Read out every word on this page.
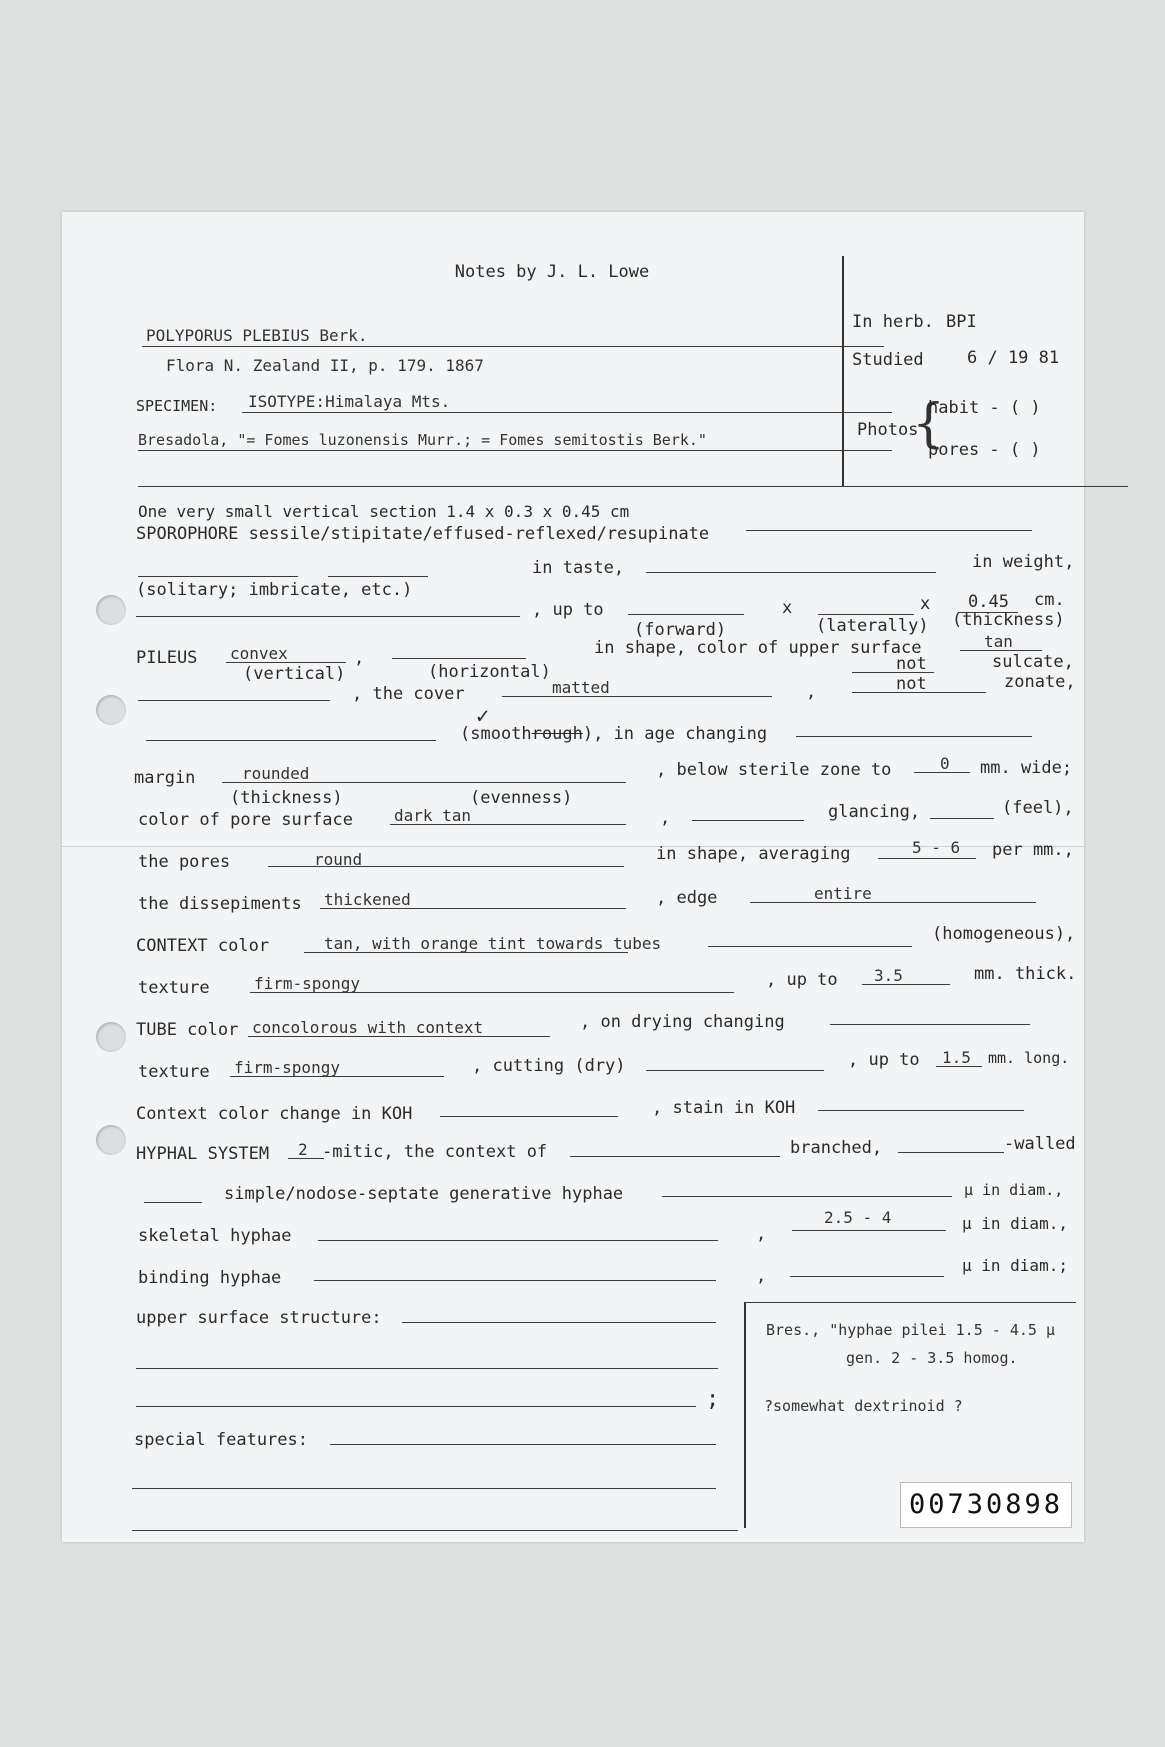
Notes by J. L. Lowe
POLYPORUS PLEBIUS Berk.
Flora N. Zealand II, p. 179. 1867
SPECIMEN: ISOTYPE:Himalaya Mts.
Bresadola, "= Fomes luzonensis Murr.; = Fomes semitostis Berk."
In herb. BPI
Studied	6 / 19 81
Photos
{
habit - ( )
pores - ( )
One very small vertical section 1.4 x 0.3 x 0.45 cm
SPOROPHORE sessile/stipitate/effused-reflexed/resupinate
in taste,	in weight,
(solitary; imbricate, etc.)
, up to	x	x 0.45 cm.
(forward)	(laterally) (thickness)
PILEUS convex	,	in shape, color of upper surface	tan
(vertical)	(horizontal)	not	sulcate,
, the cover	matted	,	not	zonate,
✓
(smoothrough), in age changing
margin	rounded	, below sterile zone to	0 mm. wide;
(thickness)	(evenness)
color of pore surface	dark tan	,	glancing,	(feel),
the pores	round	in shape, averaging	5 - 6 per mm.,
the dissepiments thickened	, edge	entire
CONTEXT color	tan, with orange tint towards tubes	(homogeneous),
texture	firm-spongy	, up to 3.5	mm. thick.
TUBE color concolorous with context	, on drying changing
texture firm-spongy	, cutting (dry)	, up to 1.5 mm. long.
Context color change in KOH	, stain in KOH
HYPHAL SYSTEM 2 -mitic, the context of	branched,	-walled
simple/nodose-septate generative hyphae	μ in diam.,
skeletal hyphae	,
2.5 - 4	μ in diam.,
binding hyphae	,
μ in diam.;
upper surface structure:
;
special features:
Bres., "hyphae pilei 1.5 - 4.5 μ
gen. 2 - 3.5 homog.
?somewhat dextrinoid ?
00730898
